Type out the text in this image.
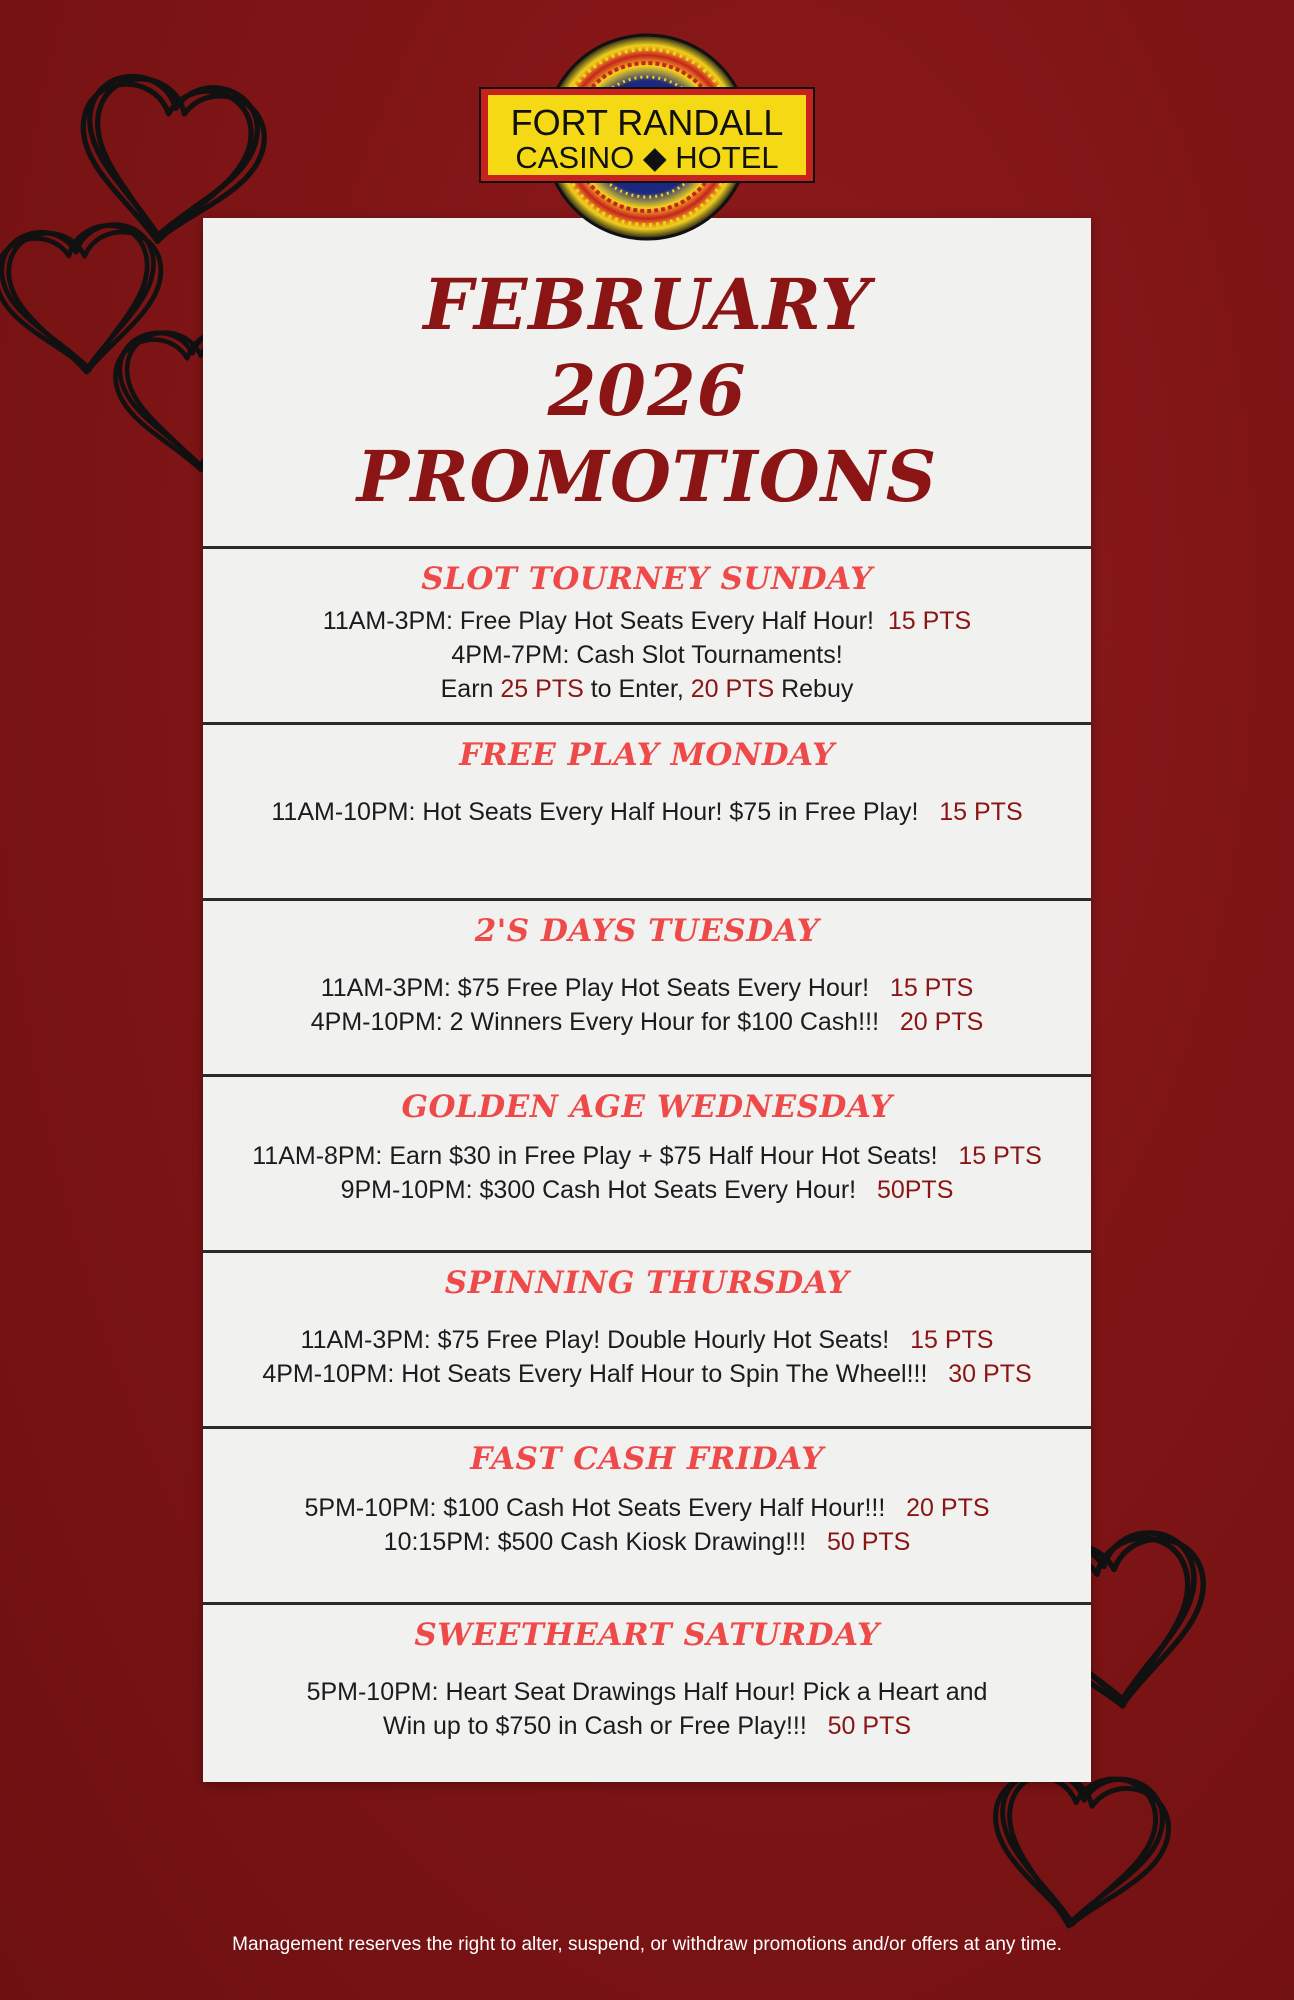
FEBRUARY
2026
PROMOTIONS
SLOT TOURNEY SUNDAY
11AM-3PM: Free Play Hot Seats Every Half Hour! 15 PTS
4PM-7PM: Cash Slot Tournaments!
Earn 25 PTS to Enter, 20 PTS Rebuy
FREE PLAY MONDAY
11AM-10PM: Hot Seats Every Half Hour! $75 in Free Play! 15 PTS
2'S DAYS TUESDAY
11AM-3PM: $75 Free Play Hot Seats Every Hour! 15 PTS
4PM-10PM: 2 Winners Every Hour for $100 Cash!!! 20 PTS
GOLDEN AGE WEDNESDAY
11AM-8PM: Earn $30 in Free Play + $75 Half Hour Hot Seats! 15 PTS
9PM-10PM: $300 Cash Hot Seats Every Hour! 50PTS
SPINNING THURSDAY
11AM-3PM: $75 Free Play! Double Hourly Hot Seats! 15 PTS
4PM-10PM: Hot Seats Every Half Hour to Spin The Wheel!!! 30 PTS
FAST CASH FRIDAY
5PM-10PM: $100 Cash Hot Seats Every Half Hour!!! 20 PTS
10:15PM: $500 Cash Kiosk Drawing!!! 50 PTS
SWEETHEART SATURDAY
5PM-10PM: Heart Seat Drawings Half Hour! Pick a Heart and
Win up to $750 in Cash or Free Play!!! 50 PTS
FORT RANDALL
CASINO ◆ HOTEL
Management reserves the right to alter, suspend, or withdraw promotions and/or offers at any time.
